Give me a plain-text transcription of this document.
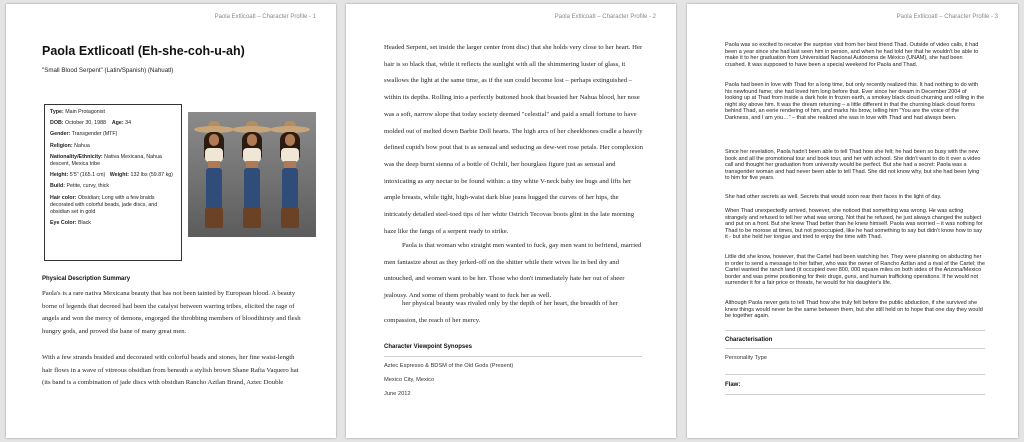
Paola Extlicoatl – Character Profile - 1
Paola Extlicoatl (Eh-she-coh-u-ah)
"Small Blood Serpent" (Latin/Spanish) (Nahuatl)
Type: Main Protagonist
DOB: October 30, 1988 Age: 34
Gender: Transgender (MTF)
Religion: Nahua
Nationality/Ethnicity: Nativa Mexicana, Nahua descent, Mexica tribe
Height: 5'5" (165.1 cm) Weight: 132 lbs (59.87 kg)
Build: Petite, curvy, thick
Hair color: Obsidian; Long with a few braids decorated with colorful beads, jade discs, and obsidian set in gold
Eye Color: Black
Physical Description Summary

Paola's is a rare nativa Mexicana beauty that has not been tainted by European blood. A beauty borne of legends that decreed had been the catalyst between warring tribes, elicited the rage of angels and won the mercy of demons, engorged the throbbing members of bloodthirsty and flesh hungry gods, and proved the bane of many great men.

With a few strands braided and decorated with colorful beads and stones, her fine waist-length hair flows in a wave of vitreous obsidian from beneath a stylish brown Shane Rafia Vaquero hat (its band is a combination of jade discs with obsidian Rancho Aztlan Brand, Aztec Double

Paola Extlicoatl – Character Profile - 2

Headed Serpent, set inside the larger center front disc) that she holds very close to her heart. Her hair is so black that, while it reflects the sunlight with all the shimmering luster of glass, it swallows the light at the same time, as if the sun could become lost – perhaps extinguished – within its depths. Rolling into a perfectly buttoned hook that boasted her Nahua blood, her nose was a soft, narrow slope that today society deemed "celestial" and paid a small fortune to have molded out of melted down Barbie Doll hearts. The high arcs of her cheekbones cradle a heavily defined cupid's bow pout that is as sensual and seducing as dew-wet rose petals. Her complexion was the deep burnt sienna of a bottle of Ochtli, her hourglass figure just as sensual and intoxicating as any nectar to be found within: a tiny white V-neck baby tee hugs and lifts her ample breasts, while tight, high-waist dark blue jeans hugged the curves of her hips, the intricately detailed steel-toed tips of her white Ostrich Tecovas boots glint in the late morning haze like the fangs of a serpent ready to strike.

Paola is that woman who straight men wanted to fuck, gay men want to befriend, married men fantasize about as they jerked-off on the shitter while their wives lie in bed dry and untouched, and women want to be her. Those who don't immediately hate her out of sheer jealousy. And some of them probably want to fuck her as well.

her physical beauty was rivaled only by the depth of her heart, the breadth of her compassion, the reach of her mercy.

Character Viewpoint Synopses
Aztec Espresso & BDSM of the Old Gods (Present)
Mexico City, Mexico
June 2012
Paola Extlicoatl – Character Profile - 3

Paola was so excited to receive the surprise visit from her best friend Thad. Outside of video calls, it had been a year since she had last seen him in person, and when he had told her that he wouldn't be able to make it to her graduation from Universidad Nacional Autónoma de México (UNAM), she had been crushed. It was supposed to have been a special weekend for Paola and Thad.

Paola had been in love with Thad for a long time, but only recently realized this. It had nothing to do with his newfound fame; she had loved him long before that. Ever since her dream in December 2004 of looking up at Thad from inside a dark hole in frozen earth, a smokey black cloud churning and rolling in the night sky above him. It was the dream returning – a little different in that the churning black cloud forms behind Thad, an eerie rendering of him, and marks his brow, telling him "You are the voice of the Darkness, and I am you…" – that she realized she was in love with Thad and had always been.

Since her revelation, Paola hadn't been able to tell Thad how she felt; he had been so busy with the new book and all the promotional tour and book tour, and her with school. She didn't want to do it over a video call and thought her graduation from university would be perfect. But she had a secret: Paola was a transgender woman and had never been able to tell Thad. She did not know why, but she had been lying to him for five years.

She had other secrets as well. Secrets that would soon rear their faces in the light of day.

When Thad unexpectedly arrived, however, she noticed that something was wrong. He was acting strangely and refused to tell her what was wrong. Not that he refused, he just always changed the subject and put on a front. But she knew Thad better than he knew himself. Paola was worried – it was nothing for Thad to be morose at times, but not preoccupied, like he had something to say but didn't know how to say it - but she held her tongue and tried to enjoy the time with Thad.

Little did she know, however, that the Cartel had been watching her. They were planning on abducting her in order to send a message to her father, who was the owner of Rancho Aztlan and a rival of the Cartel; the Cartel wanted the ranch land (it occupied over 800, 000 square miles on both sides of the Arizona/Mexico border and was prime positioning for their drugs, guns, and human trafficking operations. If he would not surrender it for a fair price or threats, he would for his daughter's life.

Although Paola never gets to tell Thad how she truly felt before the public abduction, if she survived she knew things would never be the same between them, but she still held on to hope that one day they would be together again.

Characterisation
Personality Type
Flaw:
